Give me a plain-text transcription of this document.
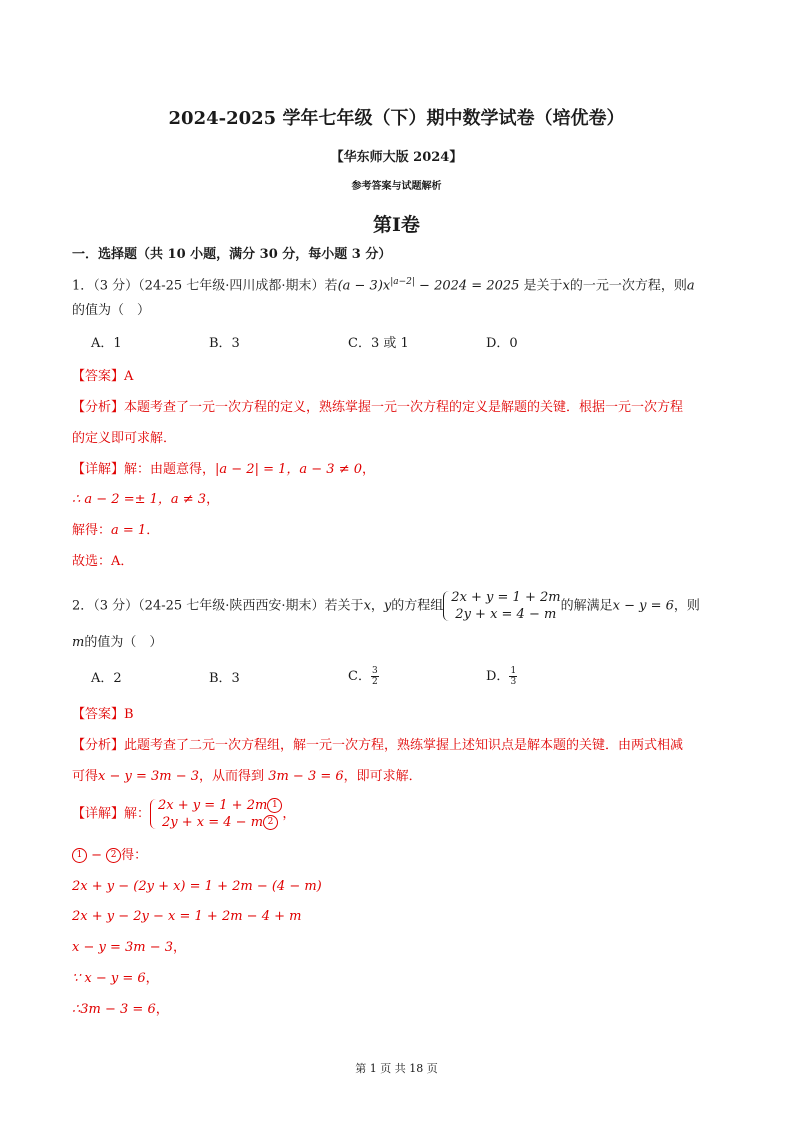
2024-2025 学年七年级（下）期中数学试卷（培优卷）
【华东师大版 2024】
参考答案与试题解析
第Ⅰ卷
一．选择题（共 10 小题，满分 30 分，每小题 3 分）
1．（3 分）（24-25 七年级·四川成都·期末）若$(a - 3)x^{|a-2|} - 2024 = 2025$ 是关于x的一元一次方程，则a
的值为（　）
A．1	B．3	C．3 或 1	D．0
【答案】A
【分析】本题考查了一元一次方程的定义，熟练掌握一元一次方程的定义是解题的关键．根据一元一次方程
的定义即可求解．
【详解】解：由题意得，|a − 2| = 1，a − 3 ≠ 0，
∴ a − 2 =± 1，a ≠ 3，
解得：a = 1．
故选：A．
2．（3 分）（24-25 七年级·陕西西安·期末）若关于x，y的方程组
2x + y = 1 + 2m
2y + x = 4 − m
的解满足x − y = 6，则
m的值为（　）
A．2	B．3	C． $\frac{3}{2}$	D． $\frac{1}{3}$
【答案】B
【分析】此题考查了二元一次方程组，解一元一次方程，熟练掌握上述知识点是解本题的关键．由两式相减
可得x − y = 3m − 3，从而得到 3m − 3 = 6，即可求解．
【详解】解：
2x + y = 1 + 2m 1
2y + x = 4 − m 2
，
1 − 2 得：
2x + y − (2y + x) = 1 + 2m − (4 − m)
2x + y − 2y − x = 1 + 2m − 4 + m
x − y = 3m − 3，
∵ x − y = 6，
∴3m − 3 = 6，
第 1 页 共 18 页
